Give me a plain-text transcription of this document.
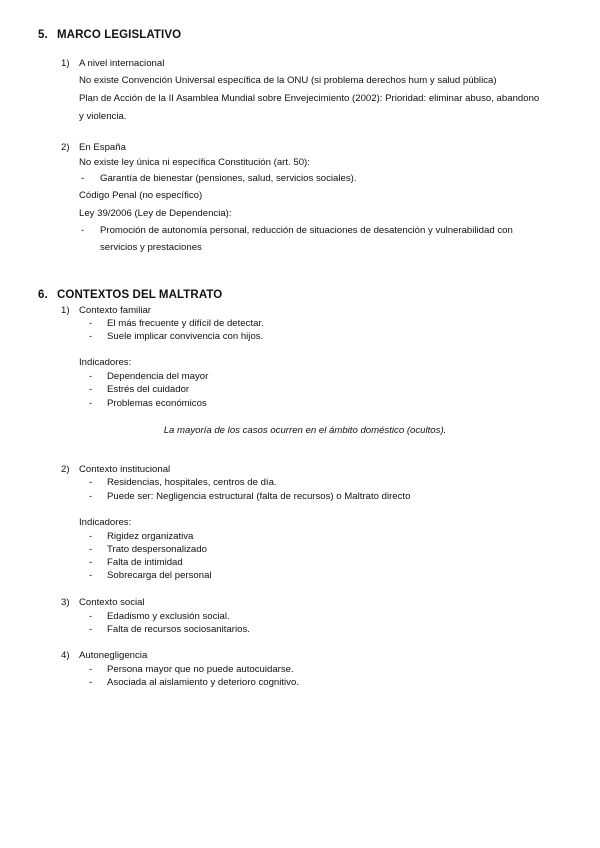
5. MARCO LEGISLATIVO
1) A nivel internacional
No existe Convención Universal específica de la ONU (si problema derechos hum y salud pública)
Plan de Acción de la II Asamblea Mundial sobre Envejecimiento (2002): Prioridad: eliminar abuso, abandono
y violencia.
2) En España
No existe ley única ni específica Constitución (art. 50):
- Garantía de bienestar (pensiones, salud, servicios sociales).
Código Penal (no específico)
Ley 39/2006 (Ley de Dependencia):
- Promoción de autonomía personal, reducción de situaciones de desatención y vulnerabilidad con
servicios y prestaciones
6. CONTEXTOS DEL MALTRATO
1) Contexto familiar
- El más frecuente y difícil de detectar.
- Suele implicar convivencia con hijos.
Indicadores:
- Dependencia del mayor
- Estrés del cuidador
- Problemas económicos
La mayoría de los casos ocurren en el ámbito doméstico (ocultos).
2) Contexto institucional
- Residencias, hospitales, centros de día.
- Puede ser: Negligencia estructural (falta de recursos) o Maltrato directo
Indicadores:
- Rigidez organizativa
- Trato despersonalizado
- Falta de intimidad
- Sobrecarga del personal
3) Contexto social
- Edadismo y exclusión social.
- Falta de recursos sociosanitarios.
4) Autonegligencia
- Persona mayor que no puede autocuidarse.
- Asociada al aislamiento y deterioro cognitivo.
